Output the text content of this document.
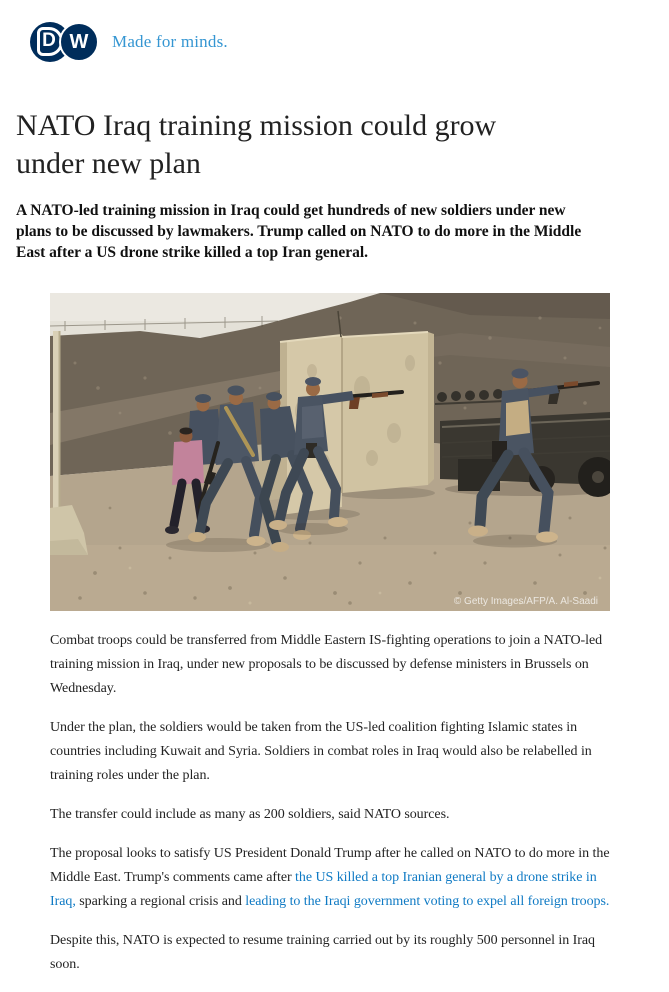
D W Made for minds.
NATO Iraq training mission could grow under new plan

A NATO-led training mission in Iraq could get hundreds of new soldiers under new plans to be discussed by lawmakers. Trump called on NATO to do more in the Middle East after a US drone strike killed a top Iran general.

© Getty Images/AFP/A. Al-Saadi

Combat troops could be transferred from Middle Eastern IS-fighting operations to join a NATO-led training mission in Iraq, under new proposals to be discussed by defense ministers in Brussels on Wednesday.

Under the plan, the soldiers would be taken from the US-led coalition fighting Islamic states in countries including Kuwait and Syria. Soldiers in combat roles in Iraq would also be relabelled in training roles under the plan.

The transfer could include as many as 200 soldiers, said NATO sources.

The proposal looks to satisfy US President Donald Trump after he called on NATO to do more in the Middle East. Trump's comments came after the US killed a top Iranian general by a drone strike in Iraq, sparking a regional crisis and leading to the Iraqi government voting to expel all foreign troops.

Despite this, NATO is expected to resume training carried out by its roughly 500 personnel in Iraq soon.
